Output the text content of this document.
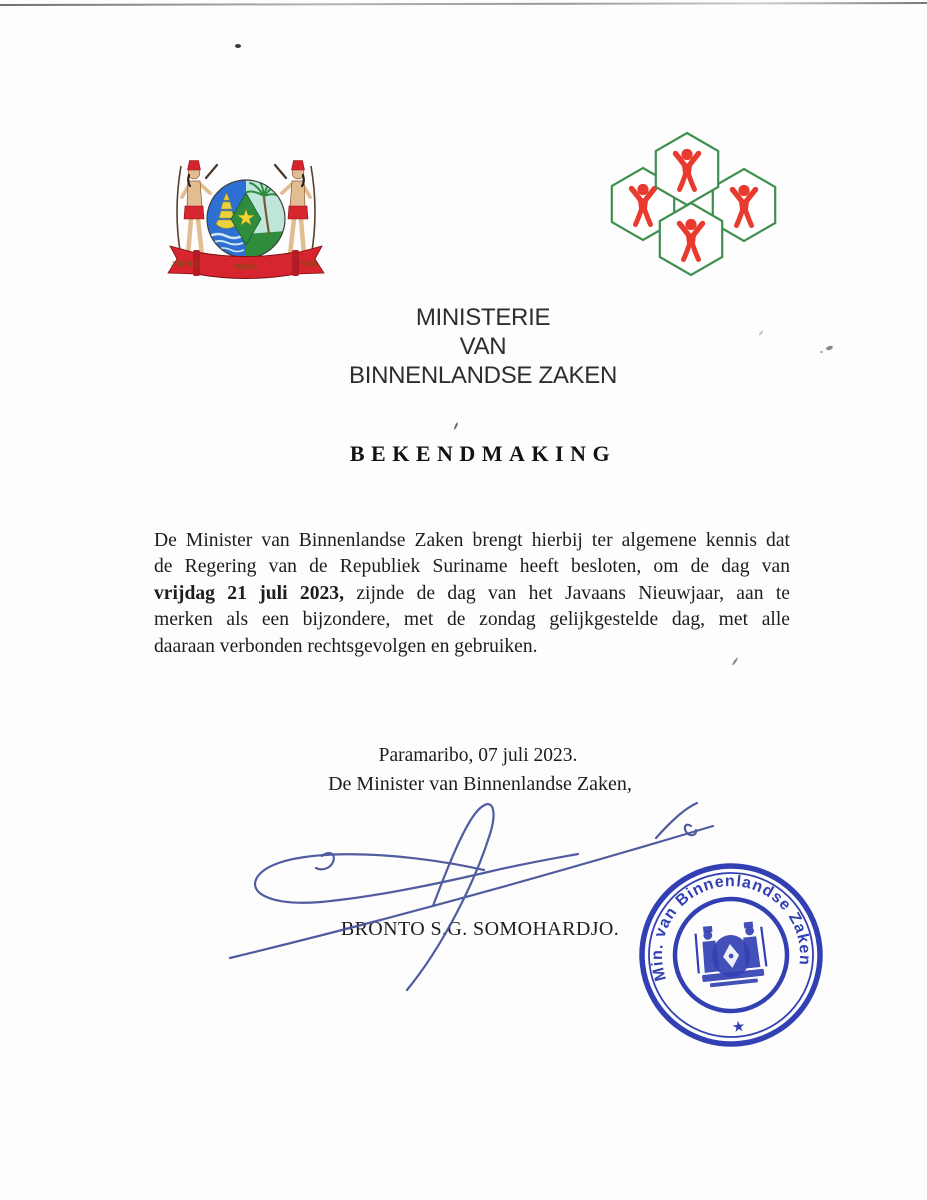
JUSTITIA	PIETAS	FIDES
MINISTERIE
VAN
BINNENLANDSE ZAKEN
BEKENDMAKING
De Minister van Binnenlandse Zaken brengt hierbij ter algemene kennis dat
de Regering van de Republiek Suriname heeft besloten, om de dag van
vrijdag 21 juli 2023, zijnde de dag van het Javaans Nieuwjaar, aan te
merken als een bijzondere, met de zondag gelijkgestelde dag, met alle
daaraan verbonden rechtsgevolgen en gebruiken.
Paramaribo, 07 juli 2023.
De Minister van Binnenlandse Zaken,
BRONTO S.G. SOMOHARDJO.
Min. van Binnenlandse Zaken
★
